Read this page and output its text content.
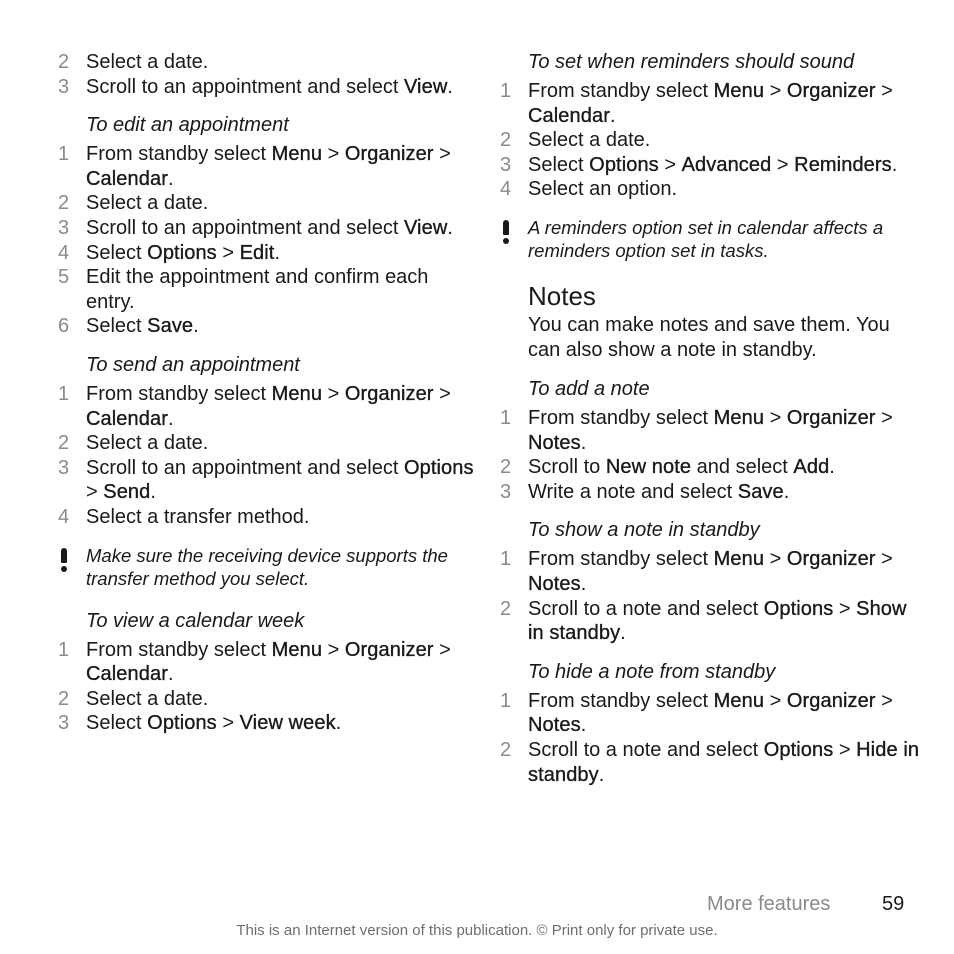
2 Select a date.
3 Scroll to an appointment and select View.
To edit an appointment
1 From standby select Menu > Organizer > Calendar.
2 Select a date.
3 Scroll to an appointment and select View.
4 Select Options > Edit.
5 Edit the appointment and confirm each entry.
6 Select Save.
To send an appointment
1 From standby select Menu > Organizer > Calendar.
2 Select a date.
3 Scroll to an appointment and select Options > Send.
4 Select a transfer method.
Make sure the receiving device supports the transfer method you select.
To view a calendar week
1 From standby select Menu > Organizer > Calendar.
2 Select a date.
3 Select Options > View week.
To set when reminders should sound
1 From standby select Menu > Organizer > Calendar.
2 Select a date.
3 Select Options > Advanced > Reminders.
4 Select an option.
A reminders option set in calendar affects a reminders option set in tasks.
Notes
You can make notes and save them. You can also show a note in standby.
To add a note
1 From standby select Menu > Organizer > Notes.
2 Scroll to New note and select Add.
3 Write a note and select Save.
To show a note in standby
1 From standby select Menu > Organizer > Notes.
2 Scroll to a note and select Options > Show in standby.
To hide a note from standby
1 From standby select Menu > Organizer > Notes.
2 Scroll to a note and select Options > Hide in standby.
More features	59
This is an Internet version of this publication. © Print only for private use.
